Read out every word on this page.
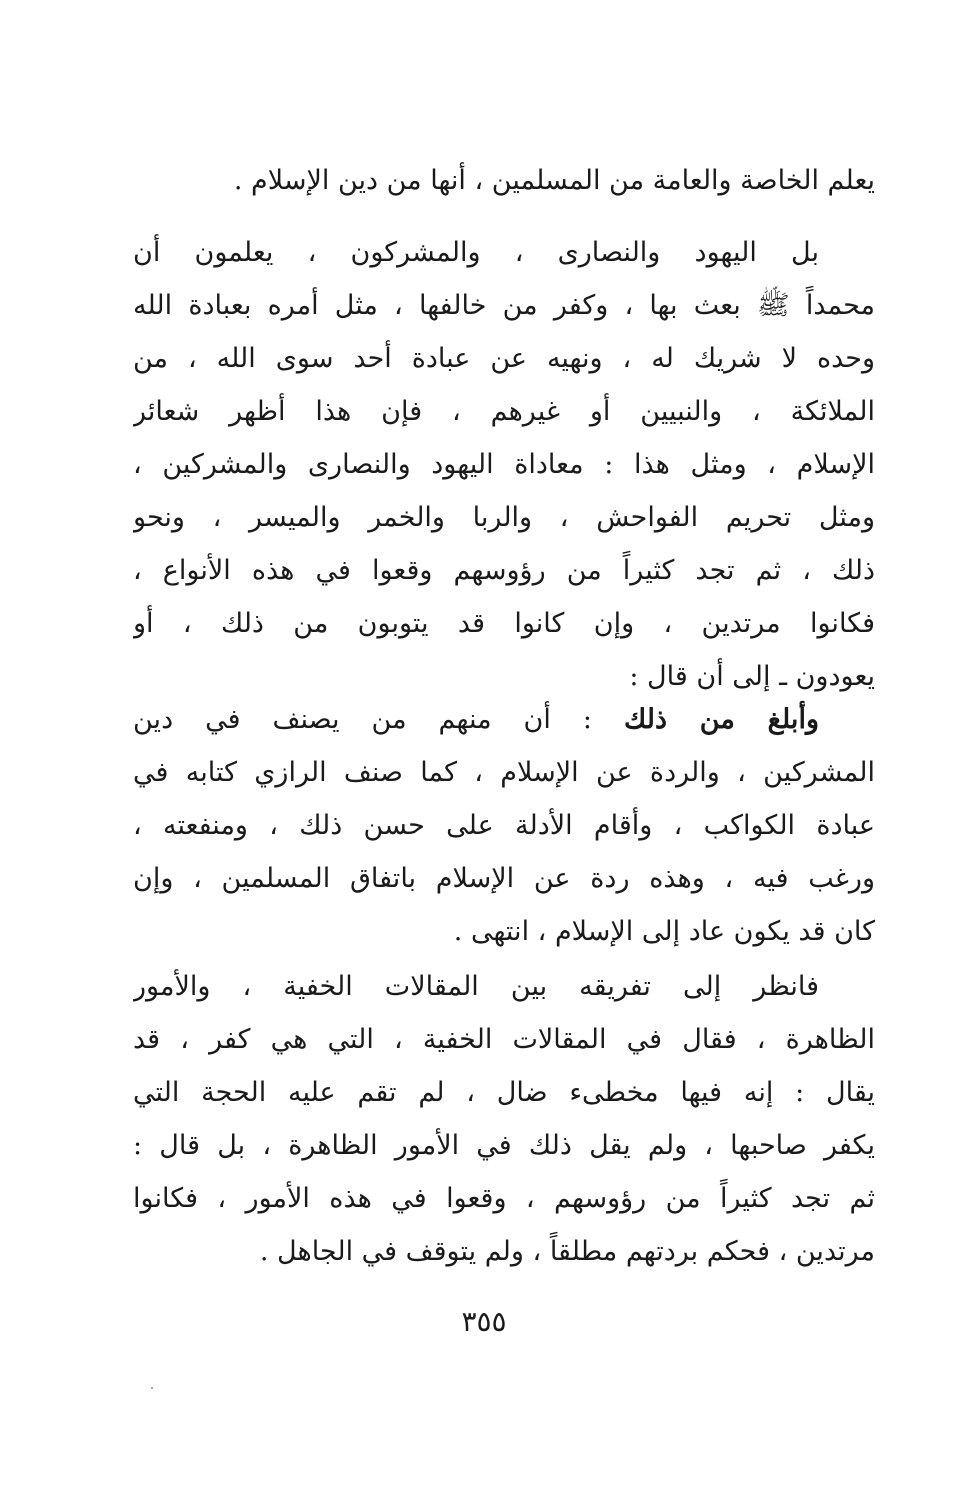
يعلم الخاصة والعامة من المسلمين ، أنها من دين الإسلام .
بل اليهود والنصارى ، والمشركون ، يعلمون أن
محمداً ﷺ بعث بها ، وكفر من خالفها ، مثل أمره بعبادة الله
وحده لا شريك له ، ونهيه عن عبادة أحد سوى الله ، من
الملائكة ، والنبيين أو غيرهم ، فإن هذا أظهر شعائر
الإسلام ، ومثل هذا : معاداة اليهود والنصارى والمشركين ،
ومثل تحريم الفواحش ، والربا والخمر والميسر ، ونحو
ذلك ، ثم تجد كثيراً من رؤوسهم وقعوا في هذه الأنواع ،
فكانوا مرتدين ، وإن كانوا قد يتوبون من ذلك ، أو
يعودون ـ إلى أن قال :
وأبلغ من ذلك : أن منهم من يصنف في دين
المشركين ، والردة عن الإسلام ، كما صنف الرازي كتابه في
عبادة الكواكب ، وأقام الأدلة على حسن ذلك ، ومنفعته ،
ورغب فيه ، وهذه ردة عن الإسلام باتفاق المسلمين ، وإن
كان قد يكون عاد إلى الإسلام ، انتهى .
فانظر إلى تفريقه بين المقالات الخفية ، والأمور
الظاهرة ، فقال في المقالات الخفية ، التي هي كفر ، قد
يقال : إنه فيها مخطىء ضال ، لم تقم عليه الحجة التي
يكفر صاحبها ، ولم يقل ذلك في الأمور الظاهرة ، بل قال :
ثم تجد كثيراً من رؤوسهم ، وقعوا في هذه الأمور ، فكانوا
مرتدين ، فحكم بردتهم مطلقاً ، ولم يتوقف في الجاهل .
٣٥٥
